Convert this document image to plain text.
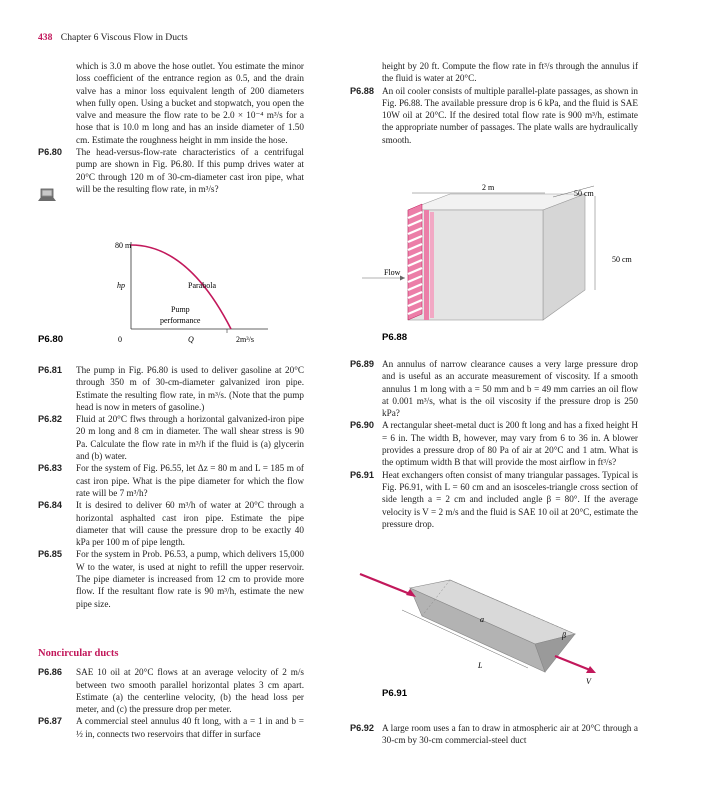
438 Chapter 6 Viscous Flow in Ducts

which is 3.0 m above the hose outlet. You estimate the minor loss coefficient of the entrance region as 0.5, and the drain valve has a minor loss equivalent length of 200 diameters when fully open. Using a bucket and stopwatch, you open the valve and measure the flow rate to be 2.0 × 10⁻⁴ m³/s for a hose that is 10.0 m long and has an inside diameter of 1.50 cm. Estimate the roughness height in mm inside the hose.

P6.80 The head-versus-flow-rate characteristics of a centrifugal pump are shown in Fig. P6.80. If this pump drives water at 20°C through 120 m of 30-cm-diameter cast iron pipe, what will be the resulting flow rate, in m³/s?
80 m
hp	Parabola
Pump
performance
0	Q	2m³/s
P6.80
P6.81 The pump in Fig. P6.80 is used to deliver gasoline at 20°C through 350 m of 30-cm-diameter galvanized iron pipe. Estimate the resulting flow rate, in m³/s. (Note that the pump head is now in meters of gasoline.)
P6.82 Fluid at 20°C flws through a horizontal galvanized-iron pipe 20 m long and 8 cm in diameter. The wall shear stress is 90 Pa. Calculate the flow rate in m³/h if the fluid is (a) glycerin and (b) water.
P6.83 For the system of Fig. P6.55, let Δz = 80 m and L = 185 m of cast iron pipe. What is the pipe diameter for which the flow rate will be 7 m³/h?
P6.84 It is desired to deliver 60 m³/h of water at 20°C through a horizontal asphalted cast iron pipe. Estimate the pipe diameter that will cause the pressure drop to be exactly 40 kPa per 100 m of pipe length.
P6.85 For the system in Prob. P6.53, a pump, which delivers 15,000 W to the water, is used at night to refill the upper reservoir. The pipe diameter is increased from 12 cm to provide more flow. If the resultant flow rate is 90 m³/h, estimate the new pipe size.

Noncircular ducts

P6.86 SAE 10 oil at 20°C flows at an average velocity of 2 m/s between two smooth parallel horizontal plates 3 cm apart. Estimate (a) the centerline velocity, (b) the head loss per meter, and (c) the pressure drop per meter.
P6.87 A commercial steel annulus 40 ft long, with a = 1 in and b = ½ in, connects two reservoirs that differ in surface

height by 20 ft. Compute the flow rate in ft³/s through the annulus if the fluid is water at 20°C.

P6.88 An oil cooler consists of multiple parallel-plate passages, as shown in Fig. P6.88. The available pressure drop is 6 kPa, and the fluid is SAE 10W oil at 20°C. If the desired total flow rate is 900 m³/h, estimate the appropriate number of passages. The plate walls are hydraulically smooth.
2 m
50 cm
50 cm
Flow
P6.88
P6.89 An annulus of narrow clearance causes a very large pressure drop and is useful as an accurate measurement of viscosity. If a smooth annulus 1 m long with a = 50 mm and b = 49 mm carries an oil flow at 0.001 m³/s, what is the oil viscosity if the pressure drop is 250 kPa?
P6.90 A rectangular sheet-metal duct is 200 ft long and has a fixed height H = 6 in. The width B, however, may vary from 6 to 36 in. A blower provides a pressure drop of 80 Pa of air at 20°C and 1 atm. What is the optimum width B that will provide the most airflow in ft³/s?
P6.91 Heat exchangers often consist of many triangular passages. Typical is Fig. P6.91, with L = 60 cm and an isosceles-triangle cross section of side length a = 2 cm and included angle β = 80°. If the average velocity is V = 2 m/s and the fluid is SAE 10 oil at 20°C, estimate the pressure drop.
L
a
β
V
P6.91
P6.92 A large room uses a fan to draw in atmospheric air at 20°C through a 30-cm by 30-cm commercial-steel duct
